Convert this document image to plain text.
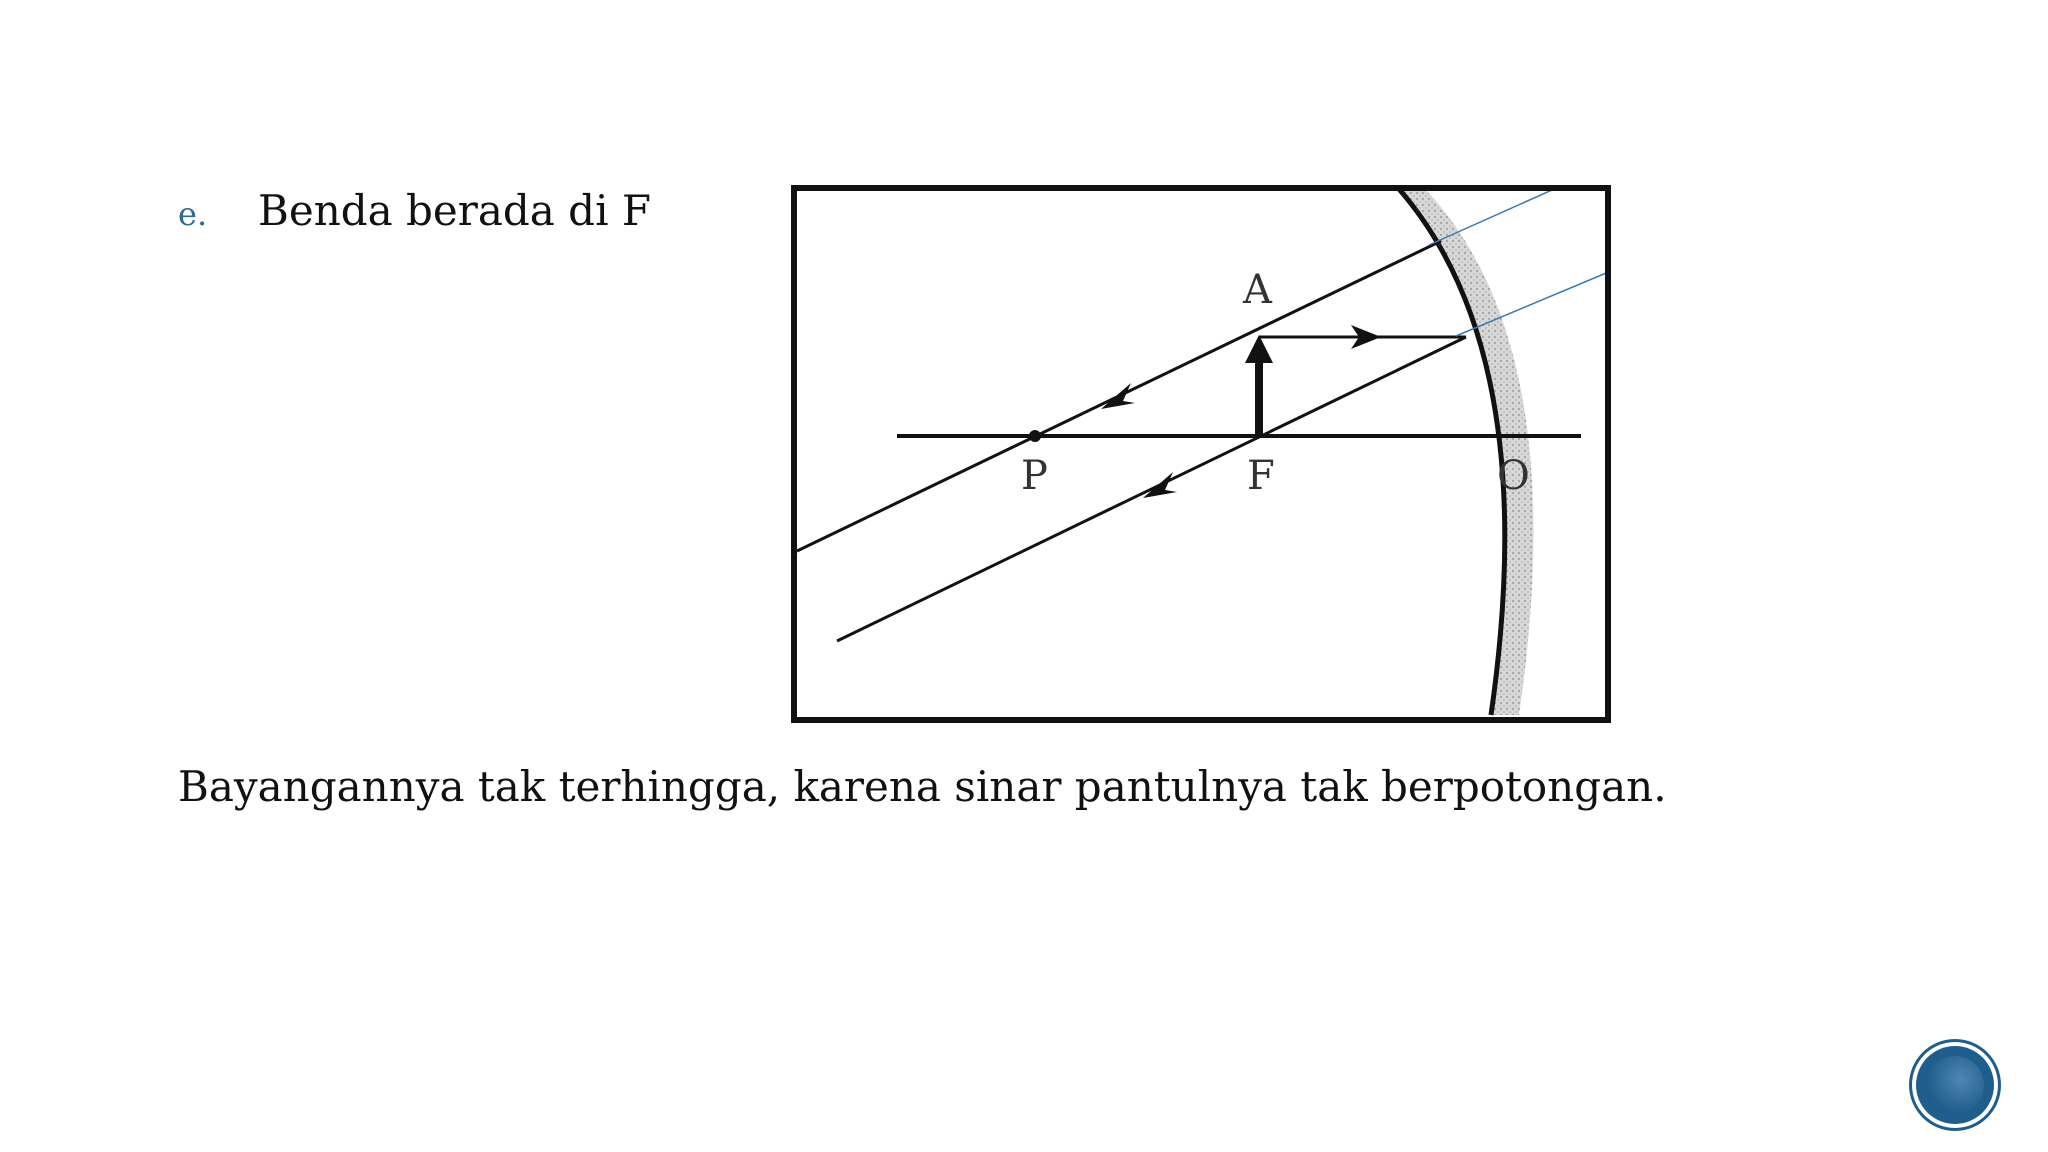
e.	Benda berada di F
A
P	F	O
Bayangannya tak terhingga, karena sinar pantulnya tak berpotongan.
